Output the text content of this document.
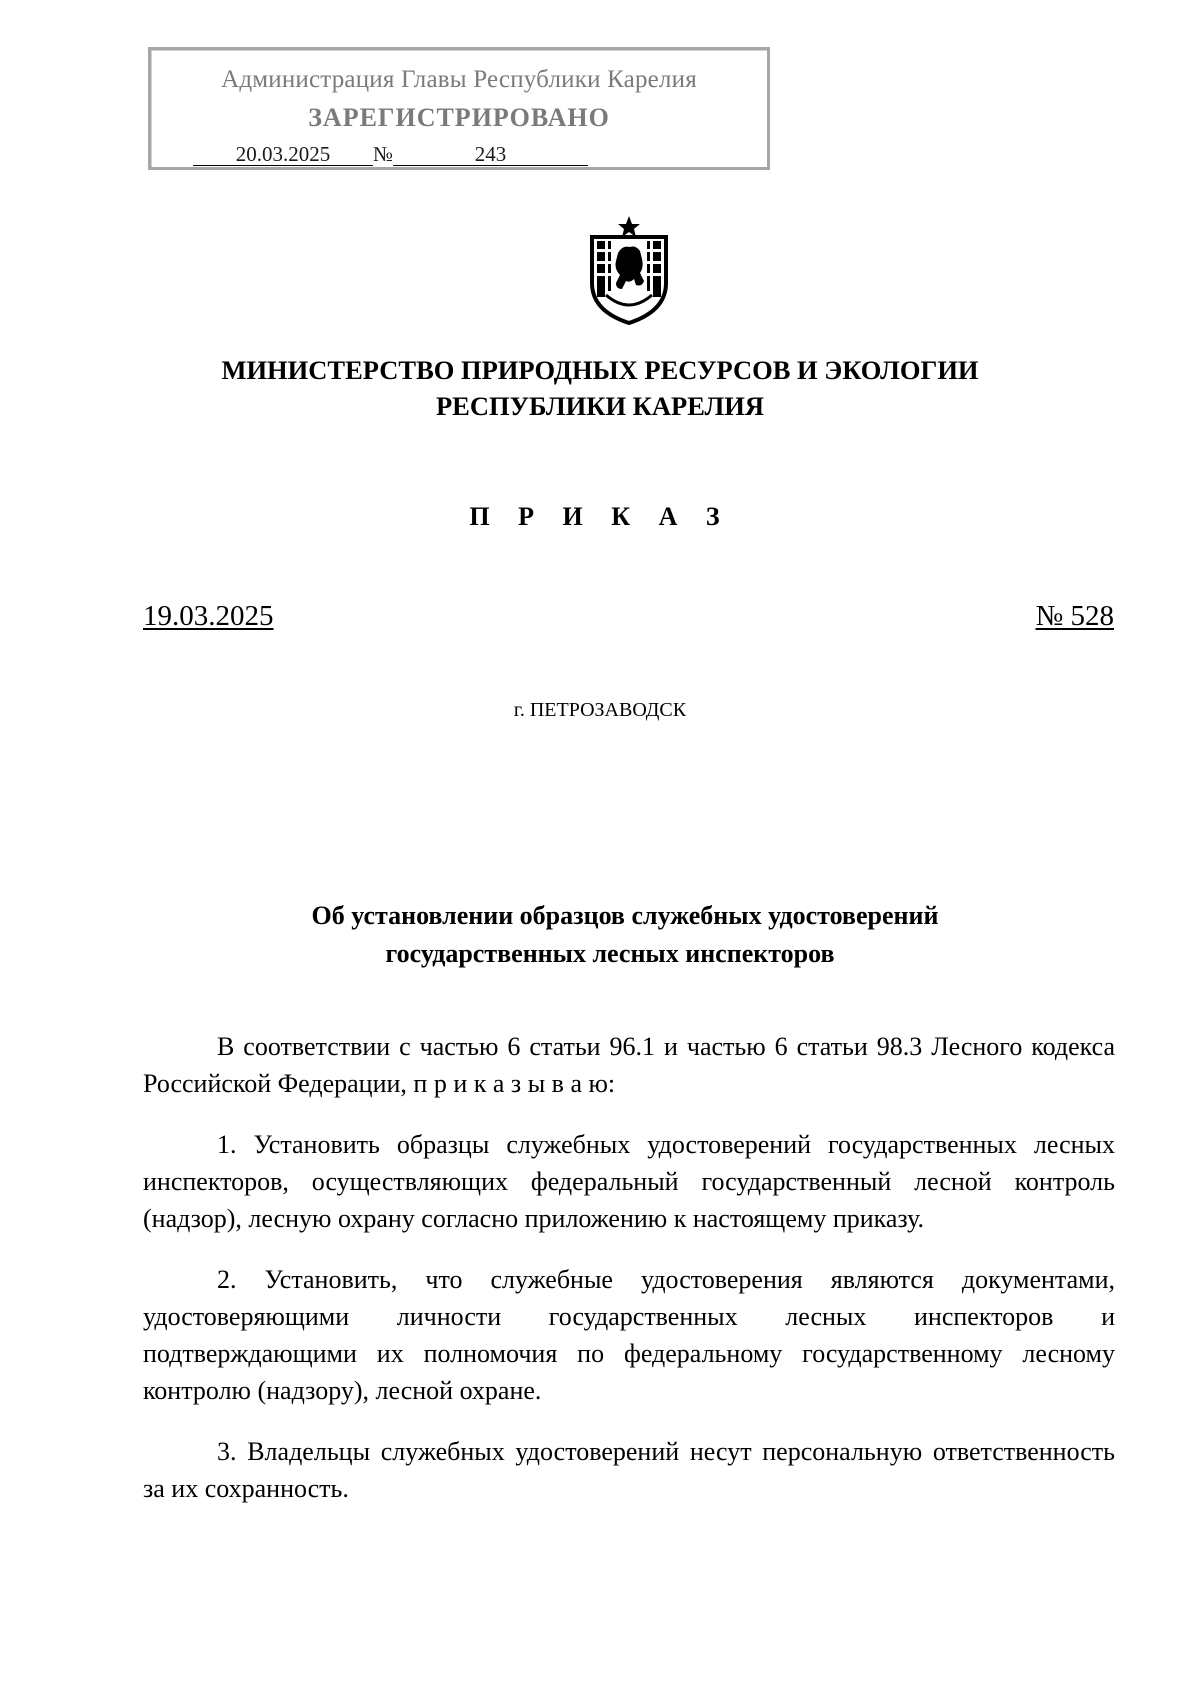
Администрация Главы Республики Карелия
ЗАРЕГИСТРИРОВАНО
20.03.2025 №	243
МИНИСТЕРСТВО ПРИРОДНЫХ РЕСУРСОВ И ЭКОЛОГИИ
РЕСПУБЛИКИ КАРЕЛИЯ
П Р И К А З
19.03.2025	№ 528
г. ПЕТРОЗАВОДСК
Об установлении образцов служебных удостоверений
государственных лесных инспекторов

В соответствии с частью 6 статьи 96.1 и частью 6 статьи 98.3 Лесного кодекса Российской Федерации, п р и к а з ы в а ю:

1. Установить образцы служебных удостоверений государственных лесных инспекторов, осуществляющих федеральный государственный лесной контроль (надзор), лесную охрану согласно приложению к настоящему приказу.

2. Установить, что служебные удостоверения являются документами, удостоверяющими личности государственных лесных инспекторов и подтверждающими их полномочия по федеральному государственному лесному контролю (надзору), лесной охране.

3. Владельцы служебных удостоверений несут персональную ответственность за их сохранность.
